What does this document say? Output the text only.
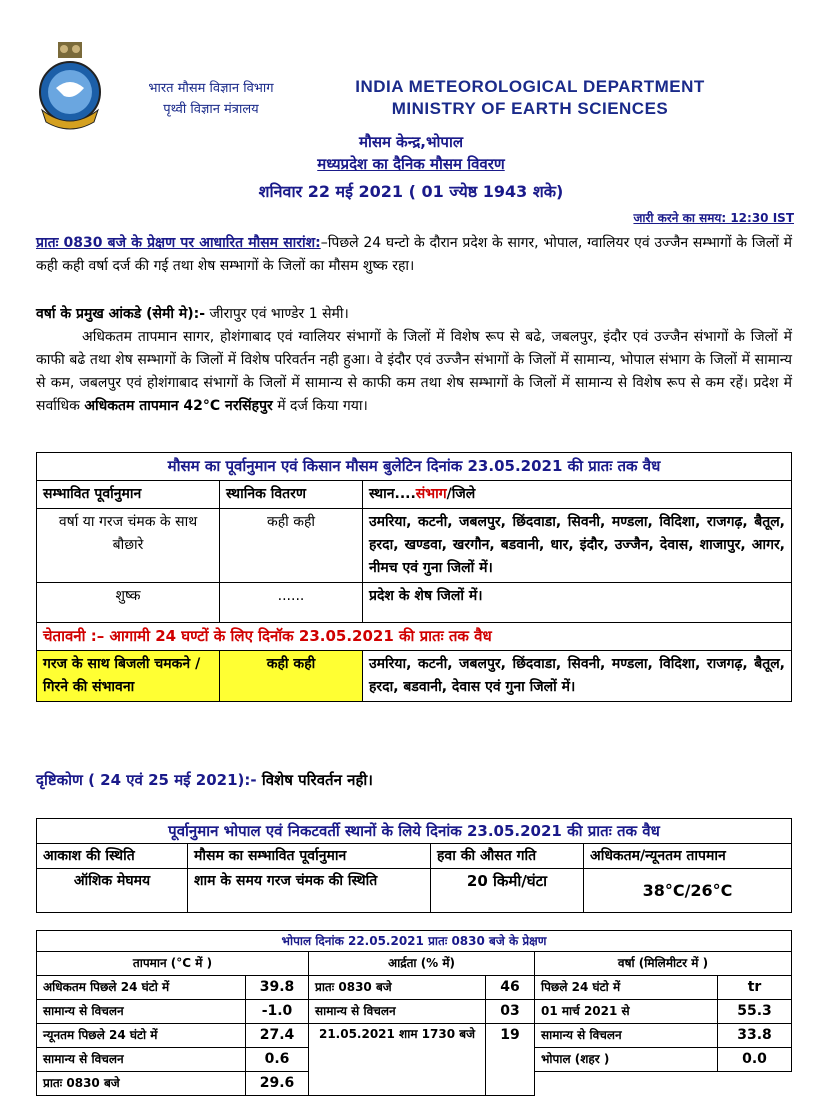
भारत मौसम विज्ञान विभाग
पृथ्वी विज्ञान मंत्रालय
INDIA METEOROLOGICAL DEPARTMENT
MINISTRY OF EARTH SCIENCES
मौसम केन्द्र,भोपाल
मध्यप्रदेश का दैनिक मौसम विवरण
शनिवार 22 मई 2021 ( 01 ज्येष्ठ 1943 शके)
जारी करने का समय: 12:30 IST
प्रातः 0830 बजे के प्रेक्षण पर आधारित मौसम सारांश:–पिछले 24 घन्टो के दौरान प्रदेश के सागर, भोपाल, ग्वालियर एवं उज्जैन सम्भागों के जिलों में कही कही वर्षा दर्ज की गई तथा शेष सम्भागों के जिलों का मौसम शुष्क रहा।
वर्षा के प्रमुख आंकडे (सेमी मे):- जीरापुर एवं भाण्डेर 1 सेमी।
अधिकतम तापमान सागर, होशंगाबाद एवं ग्वालियर संभागों के जिलों में विशेष रूप से बढे, जबलपुर, इंदौर एवं उज्जैन संभागों के जिलों में काफी बढे तथा शेष सम्भागों के जिलों में विशेष परिवर्तन नही हुआ। वे इंदौर एवं उज्जैन संभागों के जिलों में सामान्य, भोपाल संभाग के जिलों में सामान्य से कम, जबलपुर एवं होशंगाबाद संभागों के जिलों में सामान्य से काफी कम तथा शेष सम्भागों के जिलों में सामान्य से विशेष रूप से कम रहें। प्रदेश में सर्वाधिक अधिकतम तापमान 42°C नरसिंहपुर में दर्ज किया गया।
मौसम का पूर्वानुमान एवं किसान मौसम बुलेटिन दिनांक 23.05.2021 की प्रातः तक वैध		
सम्भावित पूर्वानुमान	स्थानिक वितरण	स्थान....संभाग/जिले
वर्षा या गरज चंमक के साथ बौछारे	कही कही	उमरिया, कटनी, जबलपुर, छिंदवाडा, सिवनी, मण्डला, विदिशा, राजगढ़, बैतूल, हरदा, खण्डवा, खरगौन, बडवानी, धार, इंदौर, उज्जैन, देवास, शाजापुर, आगर, नीमच एवं गुना जिलों में।
शुष्क	......	प्रदेश के शेष जिलों में।
चेतावनी :– आगामी 24 घण्टों के लिए दिनॉक 23.05.2021 की प्रातः तक वैध		
गरज के साथ बिजली चमकने / गिरने की संभावना	कही कही	उमरिया, कटनी, जबलपुर, छिंदवाडा, सिवनी, मण्डला, विदिशा, राजगढ़, बैतूल, हरदा, बडवानी, देवास एवं गुना जिलों में।
दृष्टिकोण ( 24 एवं 25 मई 2021):- विशेष परिवर्तन नही।
पूर्वानुमान भोपाल एवं निकटवर्ती स्थानों के लिये दिनांक 23.05.2021 की प्रातः तक वैध			
आकाश की स्थिति	मौसम का सम्भावित पूर्वानुमान	हवा की औसत गति	अधिकतम/न्यूनतम तापमान
ऑशिक मेघमय	शाम के समय गरज चंमक की स्थिति	20 किमी/घंटा	38°C/26°C
भोपाल दिनांक 22.05.2021 प्रातः 0830 बजे के प्रेक्षण					
तापमान (°C में )		आर्द्रता (% में)		वर्षा (मिलिमीटर में )	
अधिकतम पिछले 24 घंटो में	39.8	प्रातः 0830 बजे	46	पिछले 24 घंटो में	tr
सामान्य से विचलन	-1.0	सामान्य से विचलन	03	01 मार्च 2021 से	55.3
न्यूनतम पिछले 24 घंटो में	27.4	21.05.2021 शाम 1730 बजे	19	सामान्य से विचलन	33.8
सामान्य से विचलन	0.6			भोपाल (शहर )	0.0
प्रातः 0830 बजे	29.6				
